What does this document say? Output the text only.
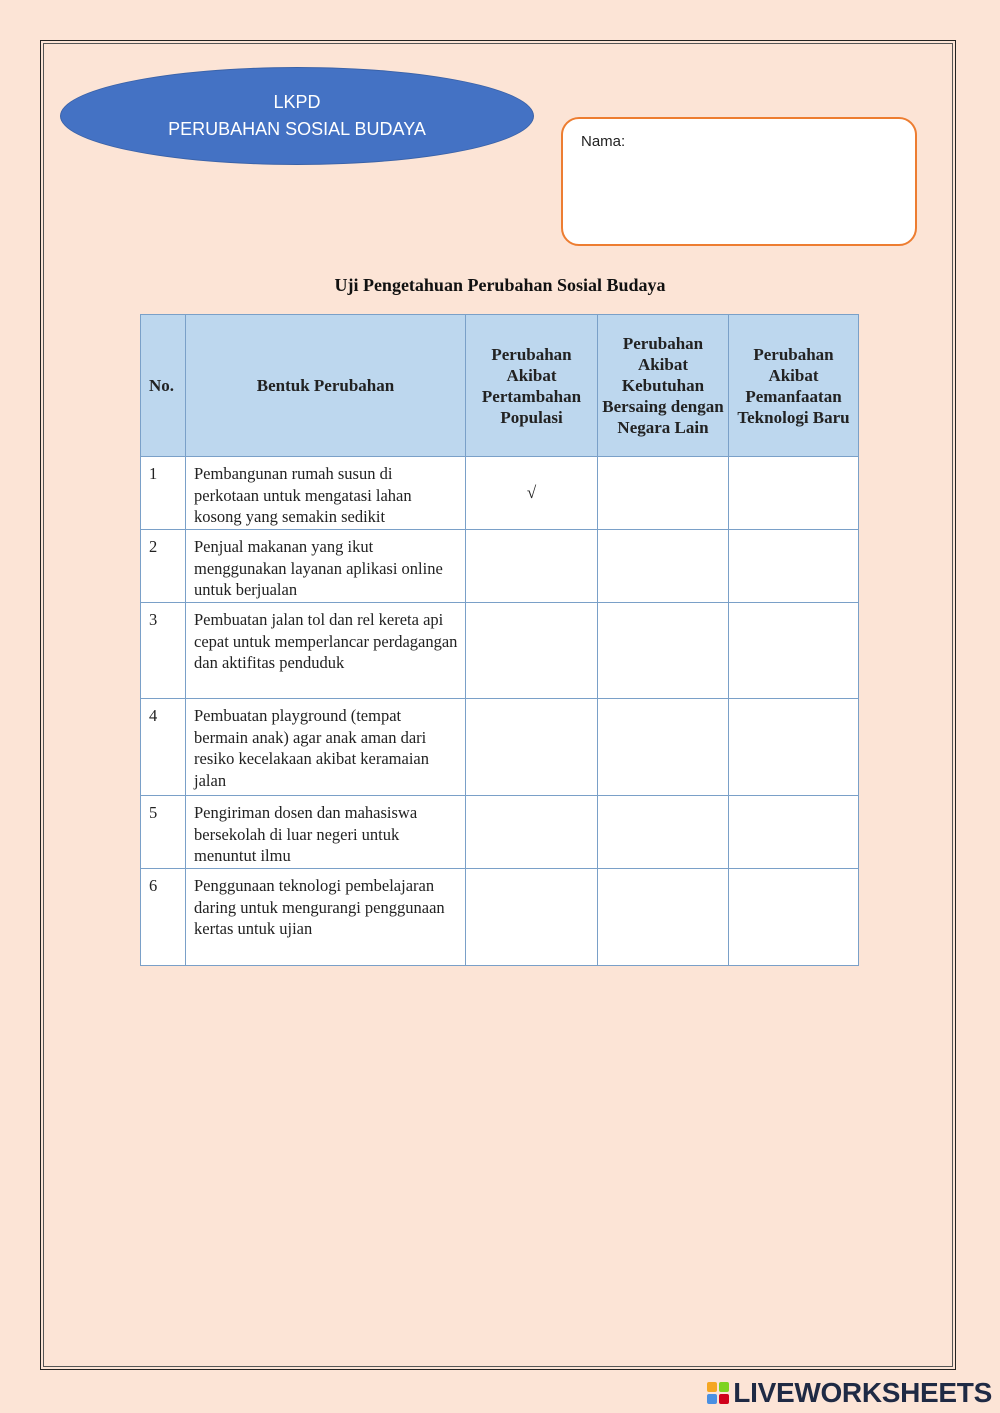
LKPD
PERUBAHAN SOSIAL BUDAYA
Nama:
Uji Pengetahuan Perubahan Sosial Budaya
No.	Bentuk Perubahan	Perubahan Akibat Pertambahan Populasi	Perubahan Akibat Kebutuhan Bersaing dengan Negara Lain	Perubahan Akibat Pemanfaatan Teknologi Baru
1	Pembangunan rumah susun di perkotaan untuk mengatasi lahan kosong yang semakin sedikit	√		
2	Penjual makanan yang ikut menggunakan layanan aplikasi online untuk berjualan			
3	Pembuatan jalan tol dan rel kereta api cepat untuk memperlancar perdagangan dan aktifitas penduduk			
4	Pembuatan playground (tempat bermain anak) agar anak aman dari resiko kecelakaan akibat keramaian jalan			
5	Pengiriman dosen dan mahasiswa bersekolah di luar negeri untuk menuntut ilmu			
6	Penggunaan teknologi pembelajaran daring untuk mengurangi penggunaan kertas untuk ujian			
LIVEWORKSHEETS
